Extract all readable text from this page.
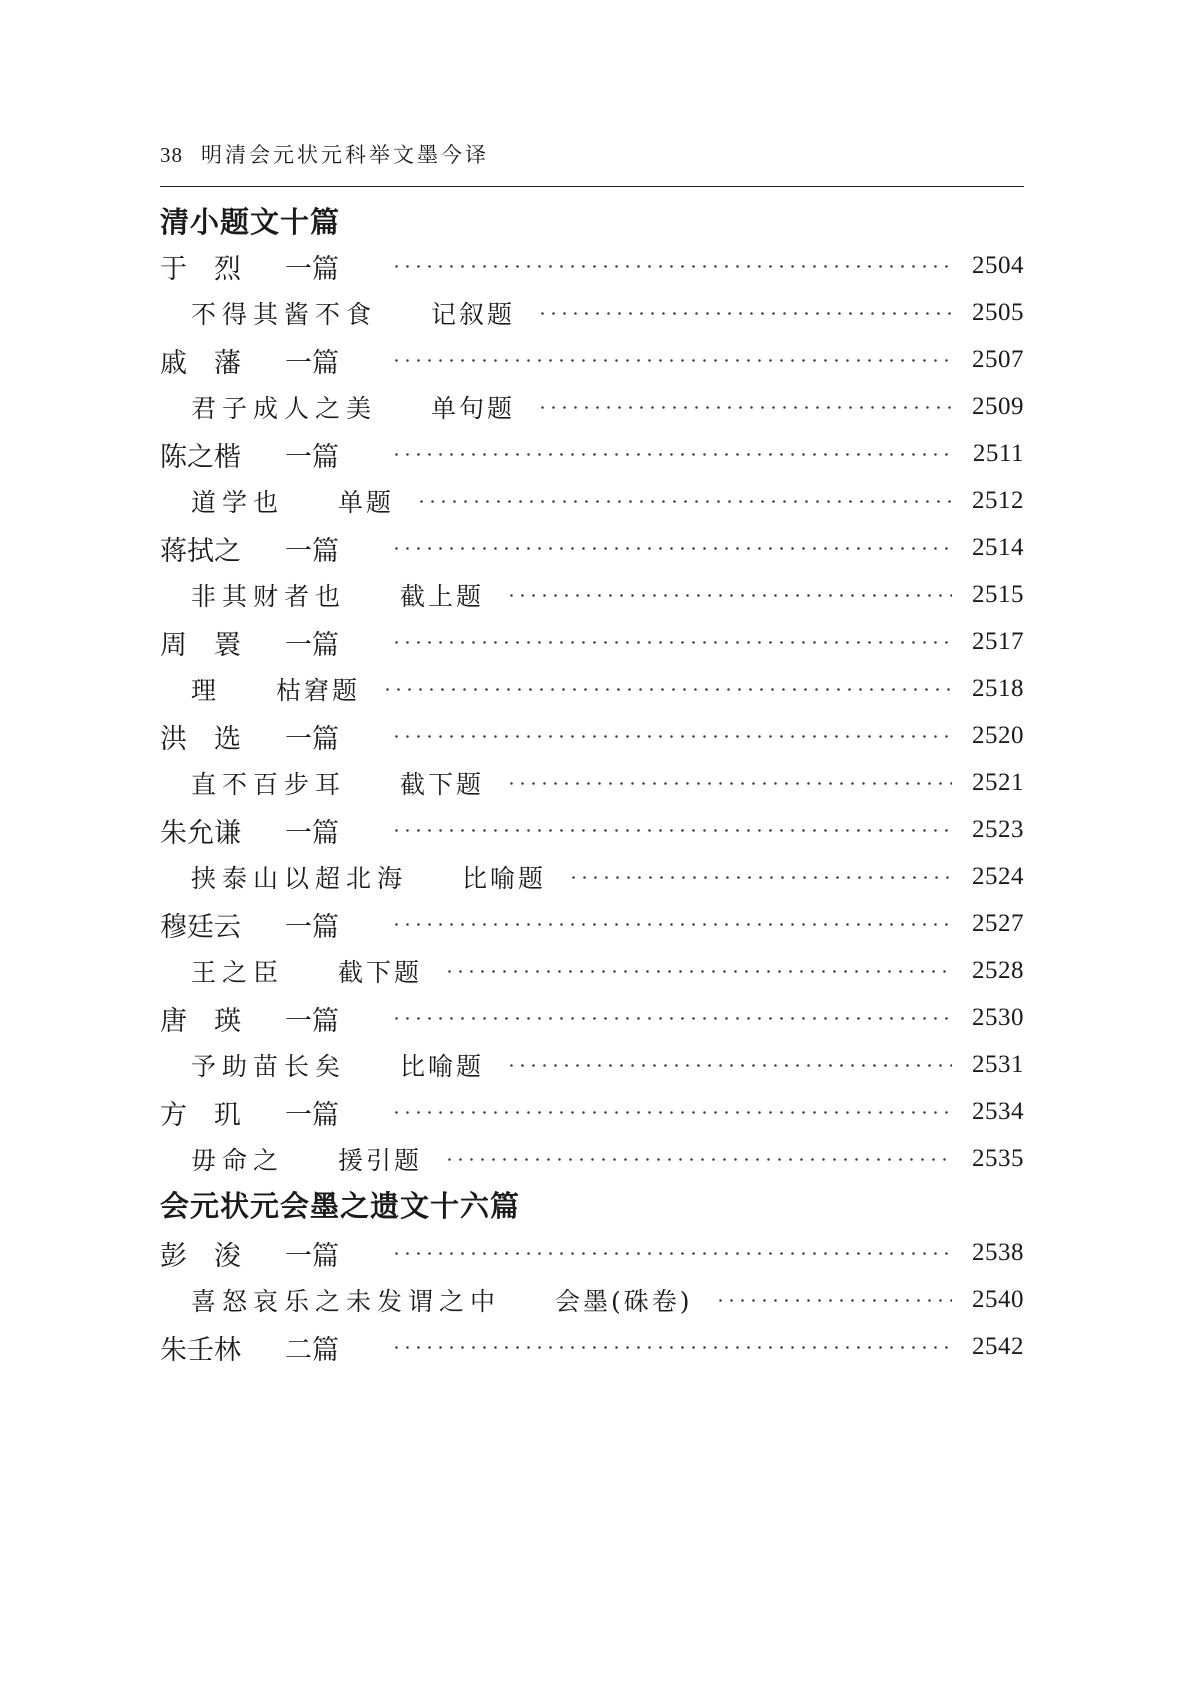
38 明清会元状元科举文墨今译
清小题文十篇
于　烈	一篇	2504
不得其酱不食 记叙题	2505
戚　藩	一篇	2507
君子成人之美 单句题	2509
陈之楷	一篇	2511
道学也 单题	2512
蒋拭之	一篇	2514
非其财者也 截上题	2515
周　瞏	一篇	2517
理 枯窘题	2518
洪　选	一篇	2520
直不百步耳 截下题	2521
朱允谦	一篇	2523
挟泰山以超北海 比喻题	2524
穆廷云	一篇	2527
王之臣 截下题	2528
唐　瑛	一篇	2530
予助苗长矣 比喻题	2531
方　玑	一篇	2534
毋命之 援引题	2535
会元状元会墨之遗文十六篇
彭　浚	一篇	2538
喜怒哀乐之未发谓之中 会墨(硃卷)	2540
朱壬林	二篇	2542
